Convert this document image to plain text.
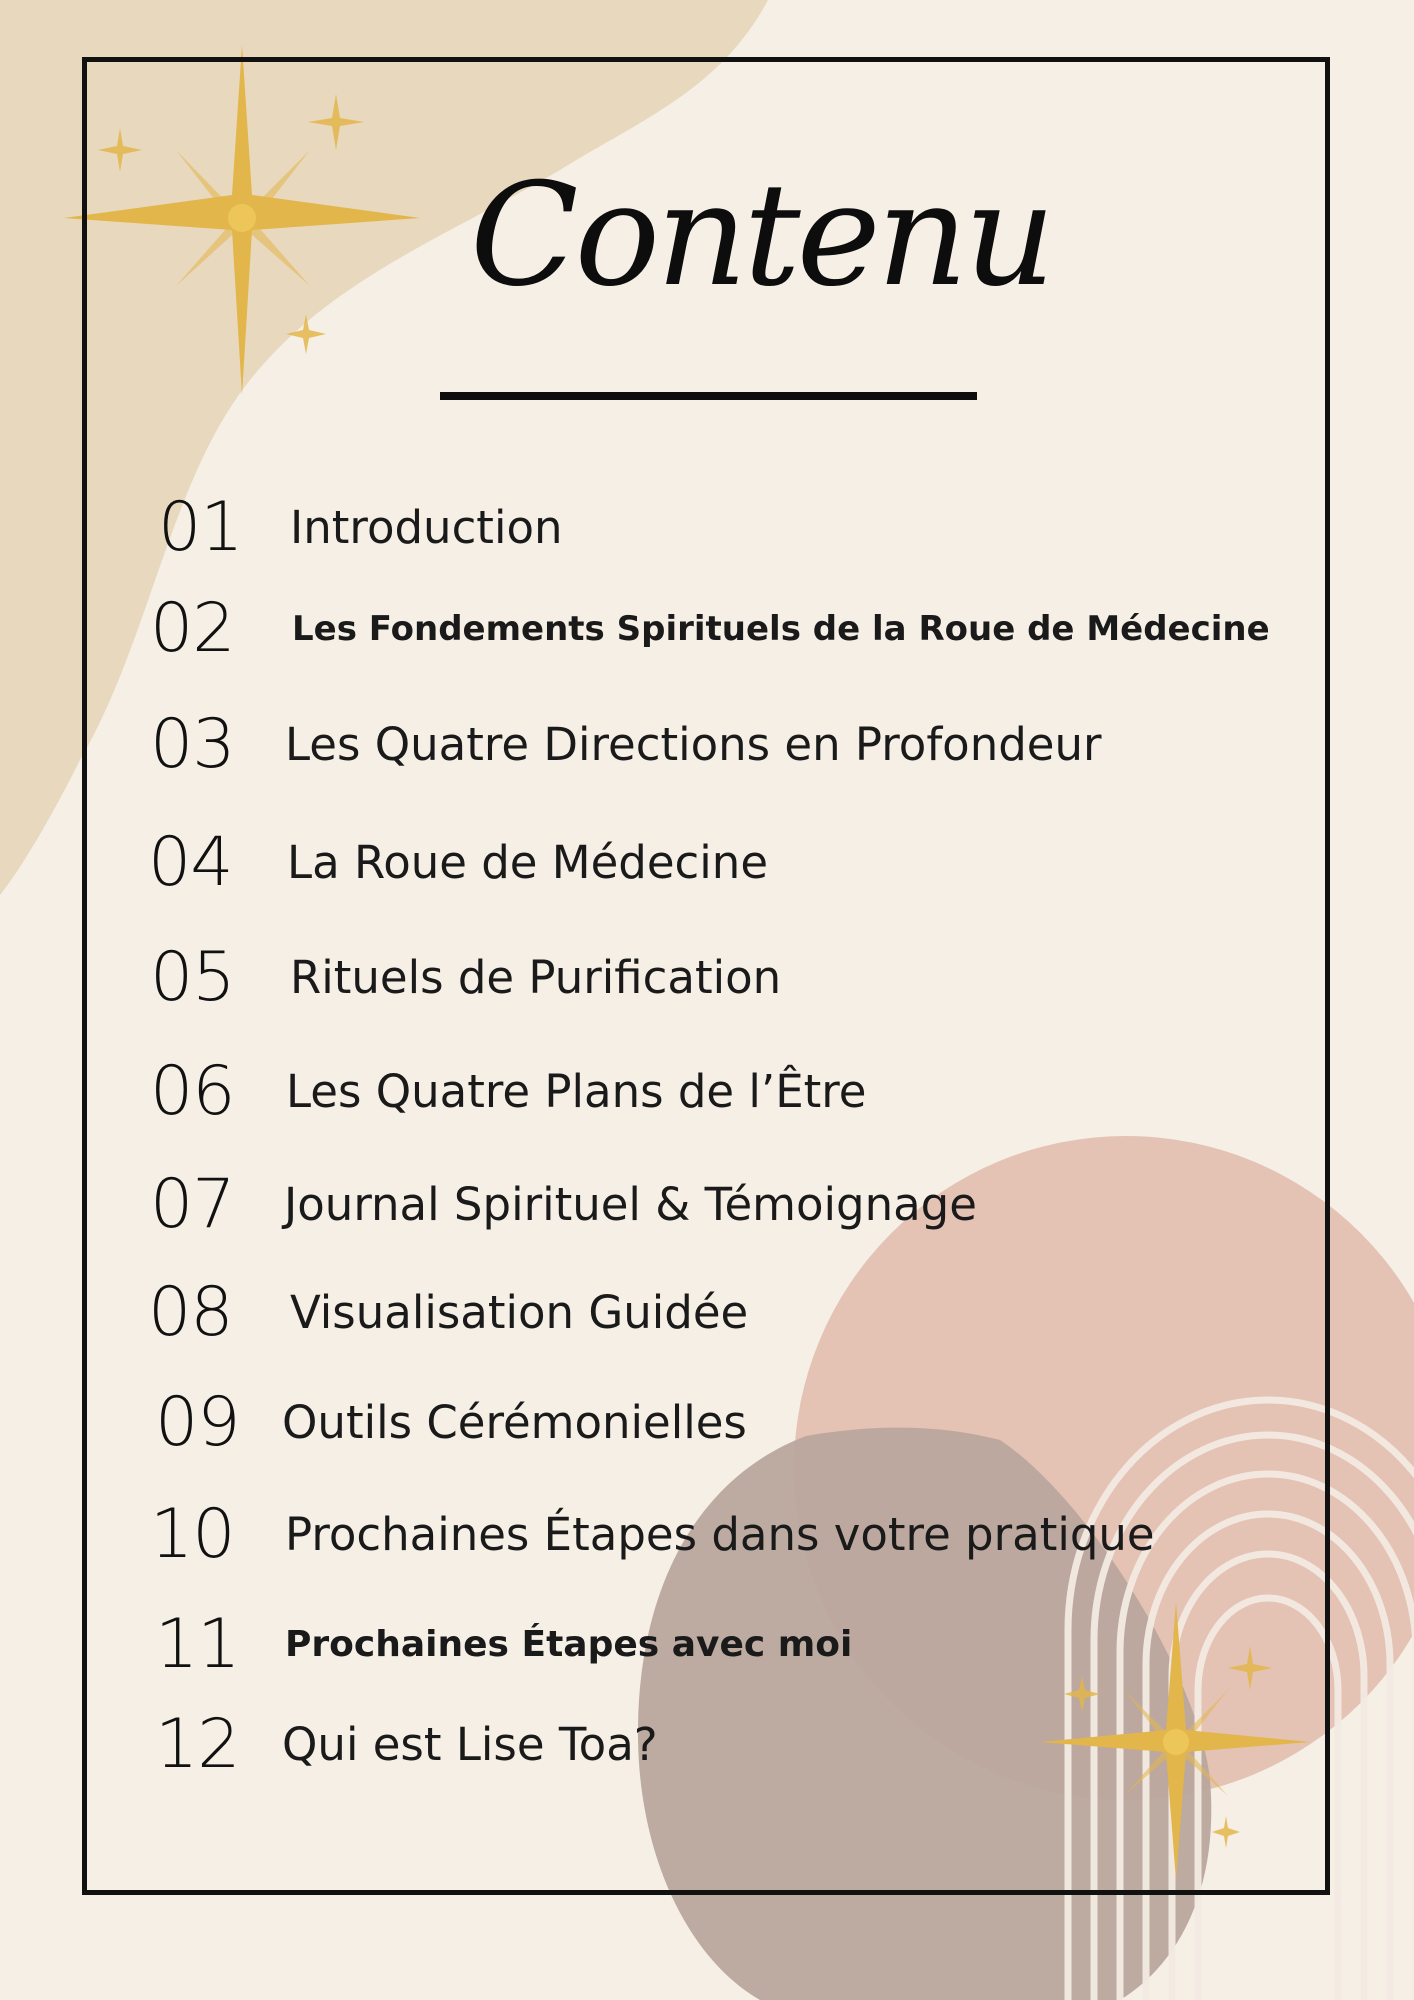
Contenu
01 Introduction
02 Les Fondements Spirituels de la Roue de Médecine
03 Les Quatre Directions en Profondeur
04 La Roue de Médecine
05 Rituels de Purification
06 Les Quatre Plans de l’Être
07 Journal Spirituel & Témoignage
08 Visualisation Guidée
09 Outils Cérémonielles
10 Prochaines Étapes dans votre pratique
11 Prochaines Étapes avec moi
12 Qui est Lise Toa?
